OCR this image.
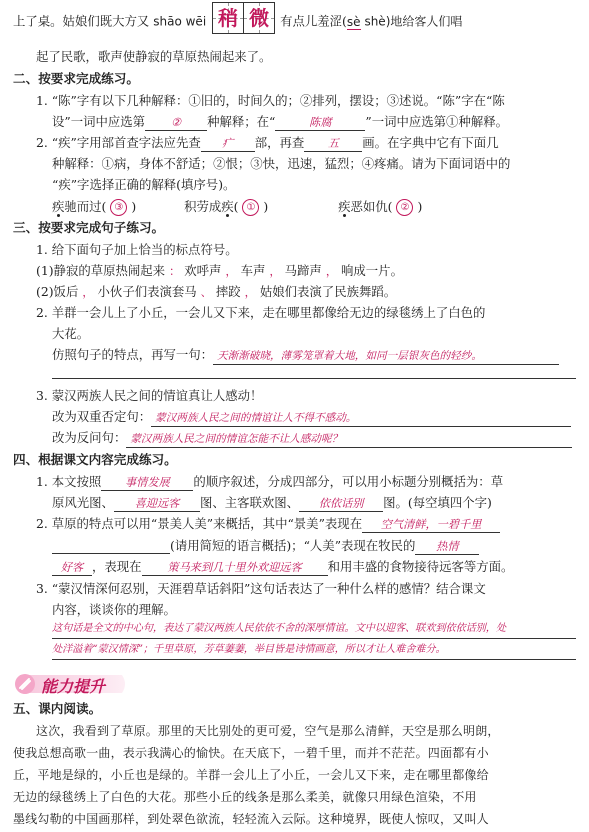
上了桌。姑娘们既大方又 shāo wēi 稍 微 有点儿羞涩(sè shè)地给客人们唱
起了民歌，歌声使静寂的草原热闹起来了。
二、按要求完成练习。
1. “陈”字有以下几种解释：①旧的，时间久的；②排列，摆设；③述说。“陈”字在“陈
设”一词中应选第 ② 种解释；在“	陈腐	”一词中应选第①种解释。
2. “疾”字用部首查字法应先查 疒 部，再查 五 画。在字典中它有下面几
种解释：①病，身体不舒适；②恨；③快，迅速，猛烈；④疼痛。请为下面词语中的
“疾”字选择正确的解释(填序号)。
疾驰而过( ③ )	积劳成疾( ① )	疾恶如仇( ② )
三、按要求完成句子练习。
1. 给下面句子加上恰当的标点符号。
(1)静寂的草原热闹起来 ： 欢呼声 ， 车声 ， 马蹄声 ， 响成一片。
(2)饭后 ， 小伙子们表演套马 、 摔跤 ， 姑娘们表演了民族舞蹈。
2. 羊群一会儿上了小丘，一会儿又下来，走在哪里都像给无边的绿毯绣上了白色的
大花。
仿照句子的特点，再写一句： 天渐渐破晓，薄雾笼罩着大地，如同一层银灰色的轻纱。
3. 蒙汉两族人民之间的情谊真让人感动！
改为双重否定句： 蒙汉两族人民之间的情谊让人不得不感动。
改为反问句： 蒙汉两族人民之间的情谊怎能不让人感动呢？
四、根据课文内容完成练习。
1. 本文按照 事情发展 的顺序叙述，分成四部分，可以用小标题分别概括为：草
原风光图、 喜迎远客 图、主客联欢图、 依依话别 图。(每空填四个字)
2. 草原的特点可以用“景美人美”来概括，其中“景美”表现在 空气清鲜，一碧千里
(请用简短的语言概括)；“人美”表现在牧民的 热情
好客 ，表现在 策马来到几十里外欢迎远客 和用丰盛的食物接待远客等方面。
3. “蒙汉情深何忍别，天涯碧草话斜阳”这句话表达了一种什么样的感情？结合课文
内容，谈谈你的理解。
这句话是全文的中心句，表达了蒙汉两族人民依依不舍的深厚情谊。文中以迎客、联欢到依依话别，处
处洋溢着“蒙汉情深”；千里草原，芳草萋萋，举目皆是诗情画意，所以才让人难舍难分。
能力提升
五、课内阅读。
这次，我看到了草原。那里的天比别处的更可爱，空气是那么清鲜，天空是那么明朗，
使我总想高歌一曲，表示我满心的愉快。在天底下，一碧千里，而并不茫茫。四面都有小
丘，平地是绿的，小丘也是绿的。羊群一会儿上了小丘，一会儿又下来，走在哪里都像给
无边的绿毯绣上了白色的大花。那些小丘的线条是那么柔美，就像只用绿色渲染，不用
墨线勾勒的中国画那样，到处翠色欲流，轻轻流入云际。这种境界，既使人惊叹，又叫人
